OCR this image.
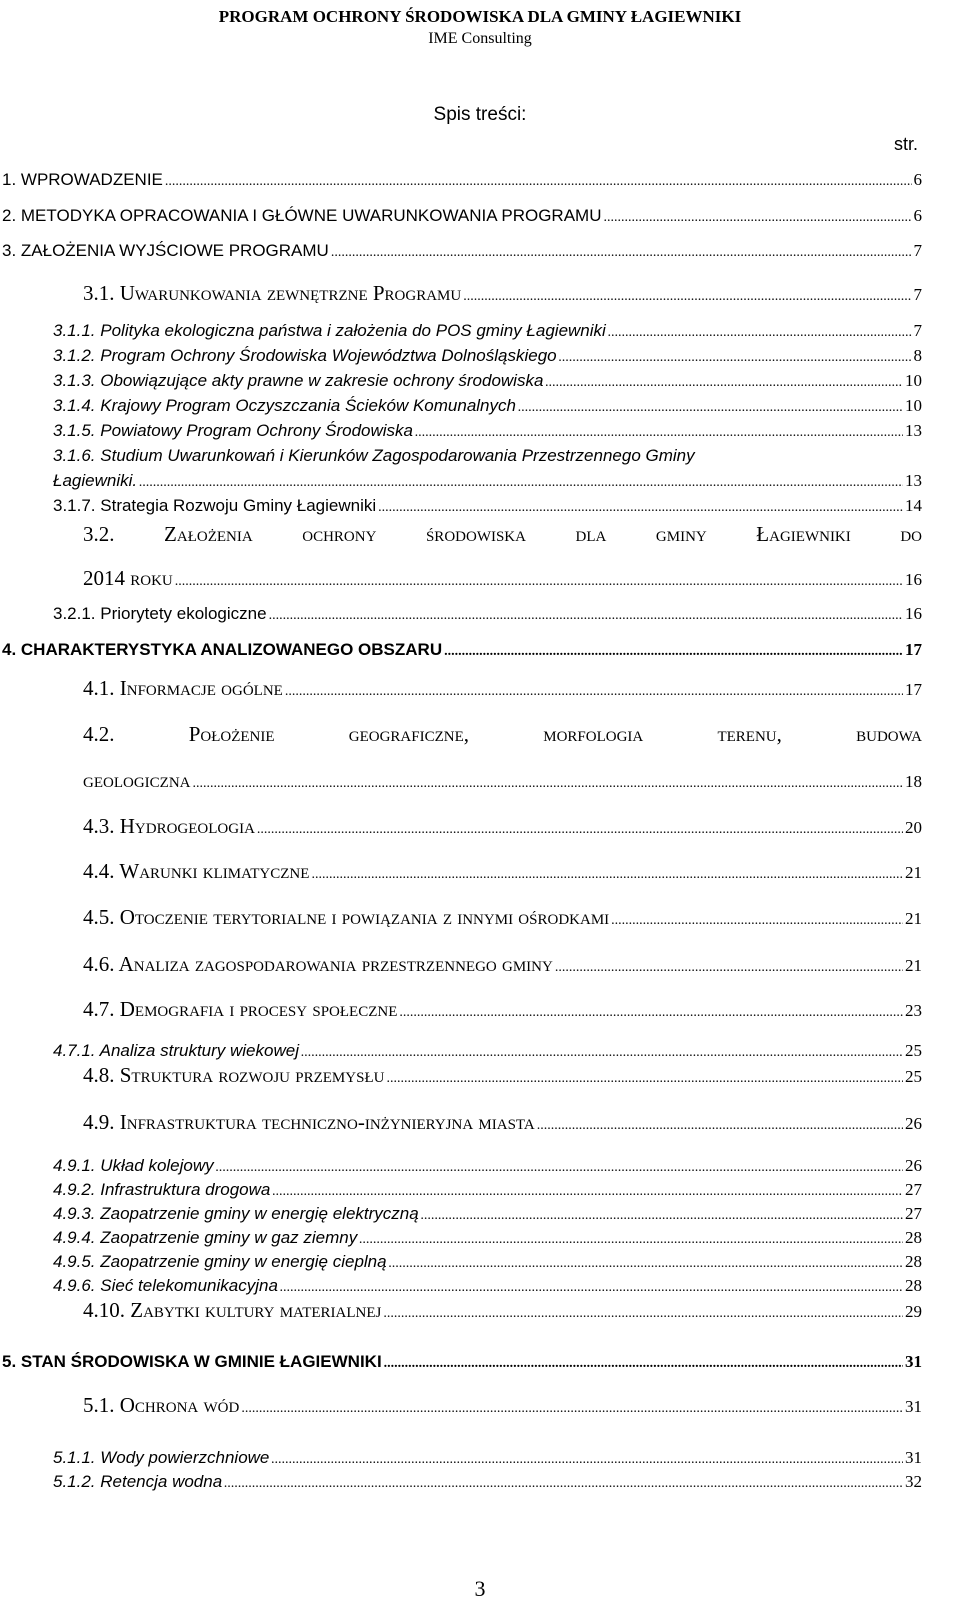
PROGRAM OCHRONY ŚRODOWISKA DLA GMINY ŁAGIEWNIKI
IME Consulting
Spis treści:
str.
1. WPROWADZENIE .....	6
2. METODYKA OPRACOWANIA I GŁÓWNE UWARUNKOWANIA PROGRAMU .....	6
3. ZAŁOŻENIA WYJŚCIOWE PROGRAMU .....	7
3.1. Uwarunkowania zewnętrzne Programu .....	7
3.1.1. Polityka ekologiczna państwa i założenia do POS gminy Łagiewniki .....	7
3.1.2. Program Ochrony Środowiska Województwa Dolnośląskiego .....	8
3.1.3. Obowiązujące akty prawne w zakresie ochrony środowiska .....	10
3.1.4. Krajowy Program Oczyszczania Ścieków Komunalnych .....	10
3.1.5. Powiatowy Program Ochrony Środowiska .....	13
3.1.6. Studium Uwarunkowań i Kierunków Zagospodarowania Przestrzennego Gminy
Łagiewniki. .....	13
3.1.7. Strategia Rozwoju Gminy Łagiewniki .....	14
3.2. Założenia ochrony środowiska dla gminy Łagiewniki do
2014 roku .....	16
3.2.1. Priorytety ekologiczne .....	16
4. CHARAKTERYSTYKA ANALIZOWANEGO OBSZARU .....	17
4.1. Informacje ogólne .....	17
4.2.	Położenie	geograficzne,	morfologia	terenu,	budowa
geologiczna .....	18
4.3. Hydrogeologia .....	20
4.4. Warunki klimatyczne .....	21
4.5. Otoczenie terytorialne i powiązania z innymi ośrodkami .....	21
4.6. Analiza zagospodarowania przestrzennego gminy .....	21
4.7. Demografia i procesy społeczne .....	23
4.7.1. Analiza struktury wiekowej .....	25
4.8. Struktura rozwoju przemysłu .....	25
4.9. Infrastruktura techniczno-inżynieryjna miasta .....	26
4.9.1. Układ kolejowy .....	26
4.9.2. Infrastruktura drogowa .....	27
4.9.3. Zaopatrzenie gminy w energię elektryczną .....	27
4.9.4. Zaopatrzenie gminy w gaz ziemny .....	28
4.9.5. Zaopatrzenie gminy w energię cieplną .....	28
4.9.6. Sieć telekomunikacyjna .....	28
4.10. Zabytki kultury materialnej .....	29
5. STAN ŚRODOWISKA W GMINIE ŁAGIEWNIKI .....	31
5.1. Ochrona wód .....	31
5.1.1. Wody powierzchniowe .....	31
5.1.2. Retencja wodna .....	32
3
